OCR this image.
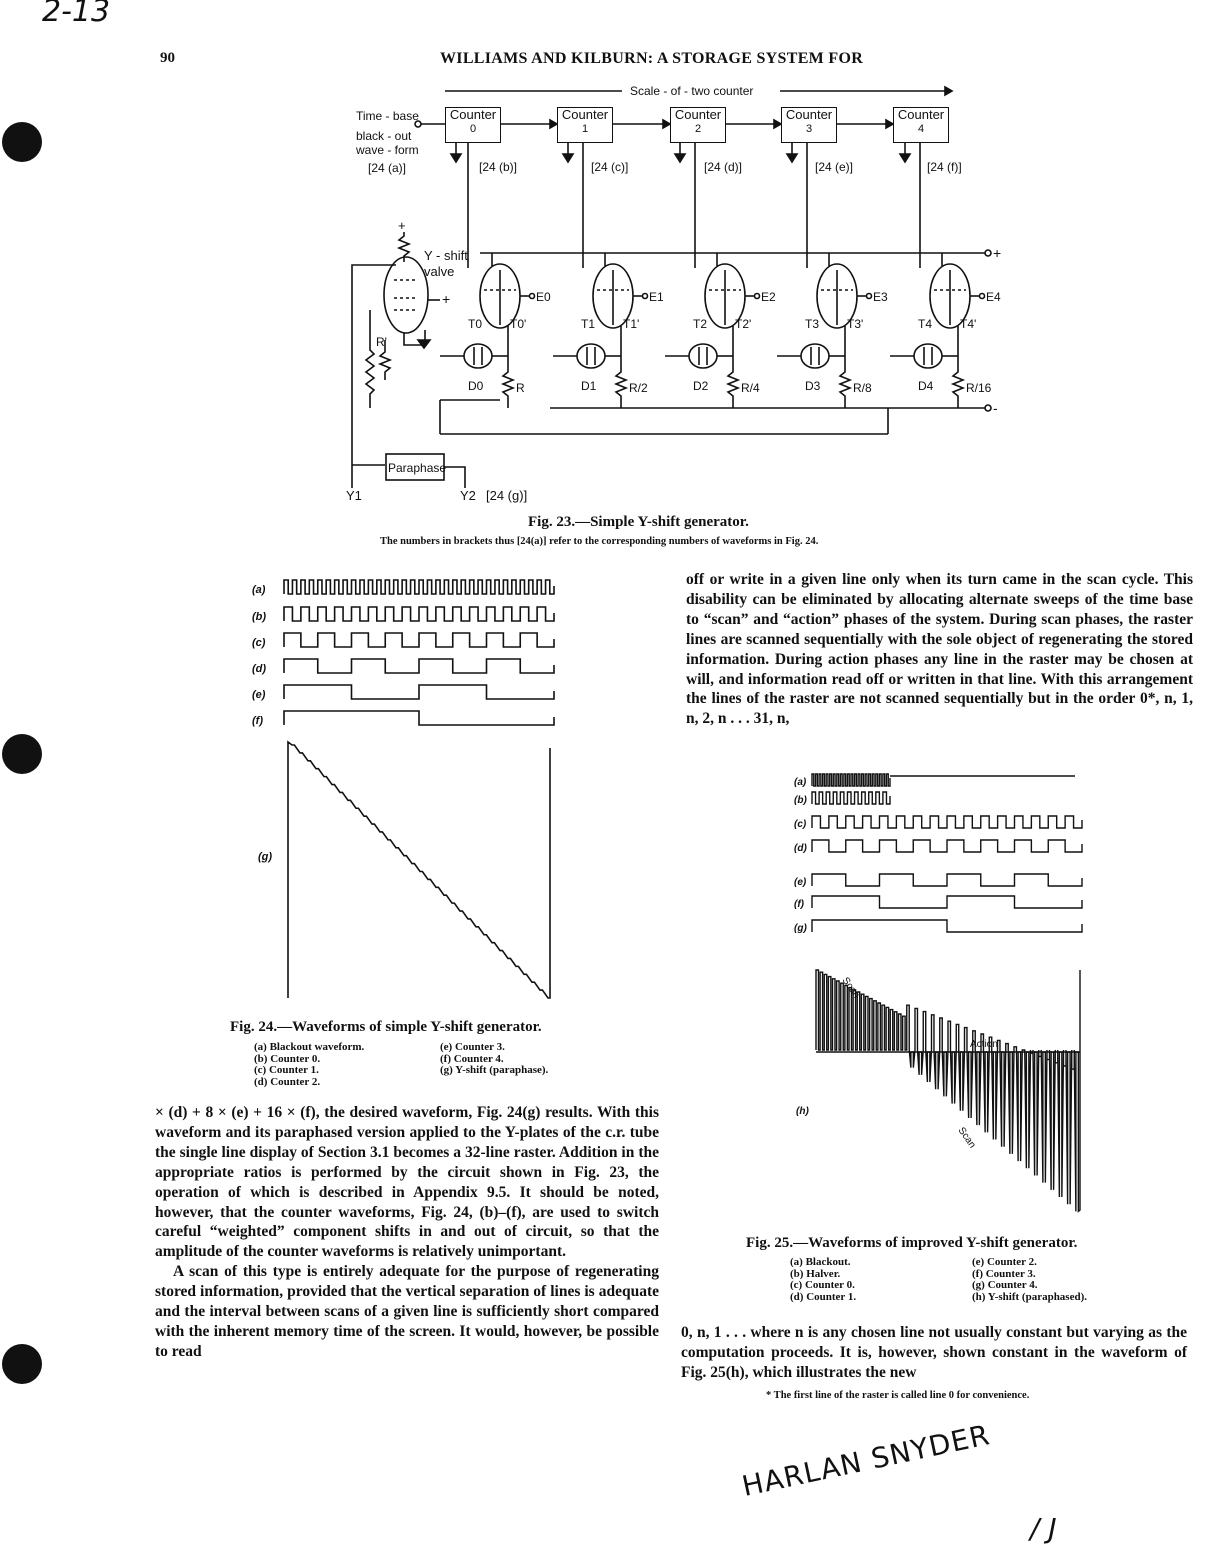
2-13
90	WILLIAMS AND KILBURN: A STORAGE SYSTEM FOR
E0
T0 T0'
D0	R
E1
T1 T1'
D1	R/2
E2
T2 T2'
D2	R/4
E3
T3 T3'
D3	R/8
E4
T4 T4'
D4	R/16
Scale - of - two counter
Time - base
black - out
wave - form
[24 (a)]
Y - shift
valve
R'
+
+
+
-
Paraphase
Y1	Y2 [24 (g)]
Counter
0
[24 (b)]
Counter
1
[24 (c)]
Counter
2
[24 (d)]
Counter
3
[24 (e)]
Counter
4
[24 (f)]
Fig. 23.—Simple Y-shift generator.
The numbers in brackets thus [24(a)] refer to the corresponding numbers of waveforms in Fig. 24.
(a)
(b)
(c)
(d)
(e)
(f)
(g)
Fig. 24.—Waveforms of simple Y-shift generator.
(a) Blackout waveform.
(b) Counter 0.
(c) Counter 1.
(d) Counter 2.
(e) Counter 3.
(f) Counter 4.
(g) Y-shift (paraphase).

off or write in a given line only when its turn came in the scan cycle. This disability can be eliminated by allocating alternate sweeps of the time base to “scan” and “action” phases of the system. During scan phases, the raster lines are scanned sequentially with the sole object of regenerating the stored information. During action phases any line in the raster may be chosen at will, and information read off or written in that line. With this arrangement the lines of the raster are not scanned sequentially but in the order 0*, n, 1, n, 2, n . . . 31, n,

(a)
(b)
(c)
(d)
(e)
(f)
(g)
(h)
Scan
Action
Scan
Fig. 25.—Waveforms of improved Y-shift generator.
(a) Blackout.
(b) Halver.
(c) Counter 0.
(d) Counter 1.
(e) Counter 2.
(f) Counter 3.
(g) Counter 4.
(h) Y-shift (paraphased).

× (d) + 8 × (e) + 16 × (f), the desired waveform, Fig. 24(g) results. With this waveform and its paraphased version applied to the Y-plates of the c.r. tube the single line display of Section 3.1 becomes a 32-line raster. Addition in the appropriate ratios is performed by the circuit shown in Fig. 23, the operation of which is described in Appendix 9.5. It should be noted, however, that the counter waveforms, Fig. 24, (b)–(f), are used to switch careful “weighted” component shifts in and out of circuit, so that the amplitude of the counter waveforms is relatively unimportant.

A scan of this type is entirely adequate for the purpose of regenerating stored information, provided that the vertical separation of lines is adequate and the interval between scans of a given line is sufficiently short compared with the inherent memory time of the screen. It would, however, be possible to read

0, n, 1 . . . where n is any chosen line not usually constant but varying as the computation proceeds. It is, however, shown constant in the waveform of Fig. 25(h), which illustrates the new

* The first line of the raster is called line 0 for convenience.
HARLAN SNYDER
/ J
